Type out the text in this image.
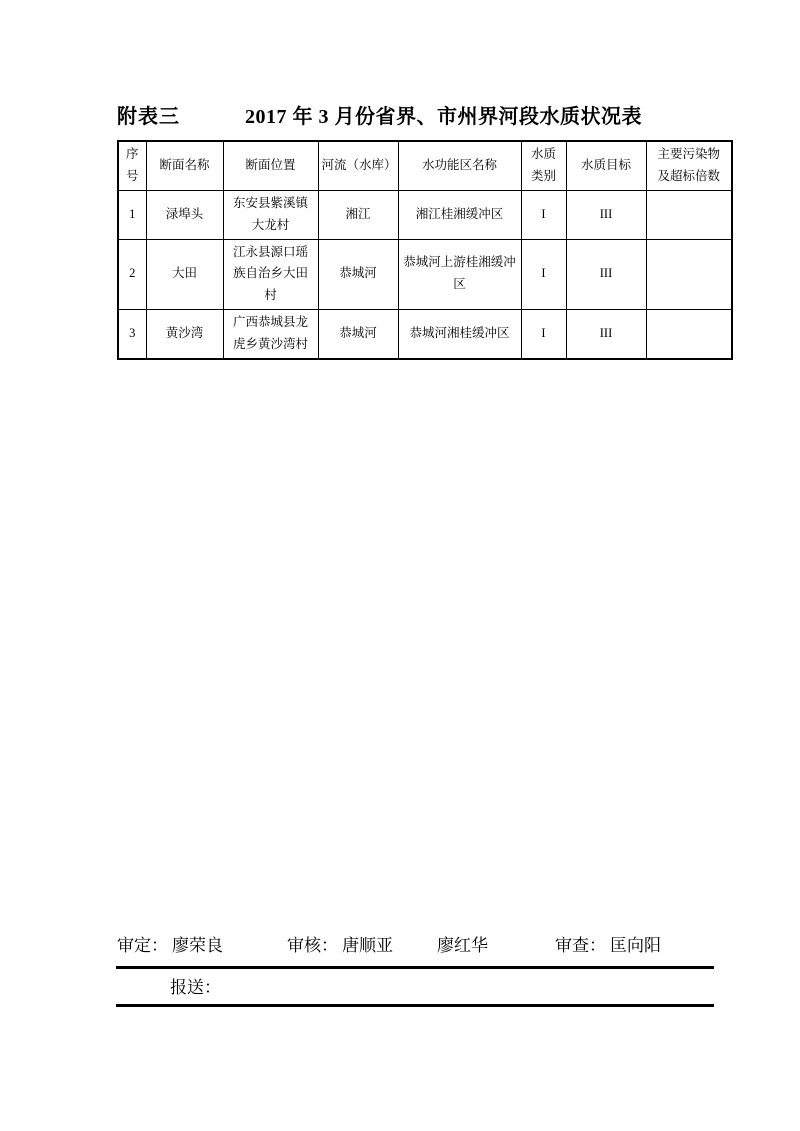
附表三	2017 年 3 月份省界、市州界河段水质状况表
序号	断面名称	断面位置	河流（水库）	水功能区名称	水质类别	水质目标	主要污染物及超标倍数
1	渌埠头	东安县紫溪镇大龙村	湘江	湘江桂湘缓冲区	I	III	
2	大田	江永县源口瑶族自治乡大田村	恭城河	恭城河上游桂湘缓冲区	I	III	
3	黄沙湾	广西恭城县龙虎乡黄沙湾村	恭城河	恭城河湘桂缓冲区	I	III	
审定： 廖荣良	审核： 唐顺亚	廖红华	审查： 匡向阳
报送：
